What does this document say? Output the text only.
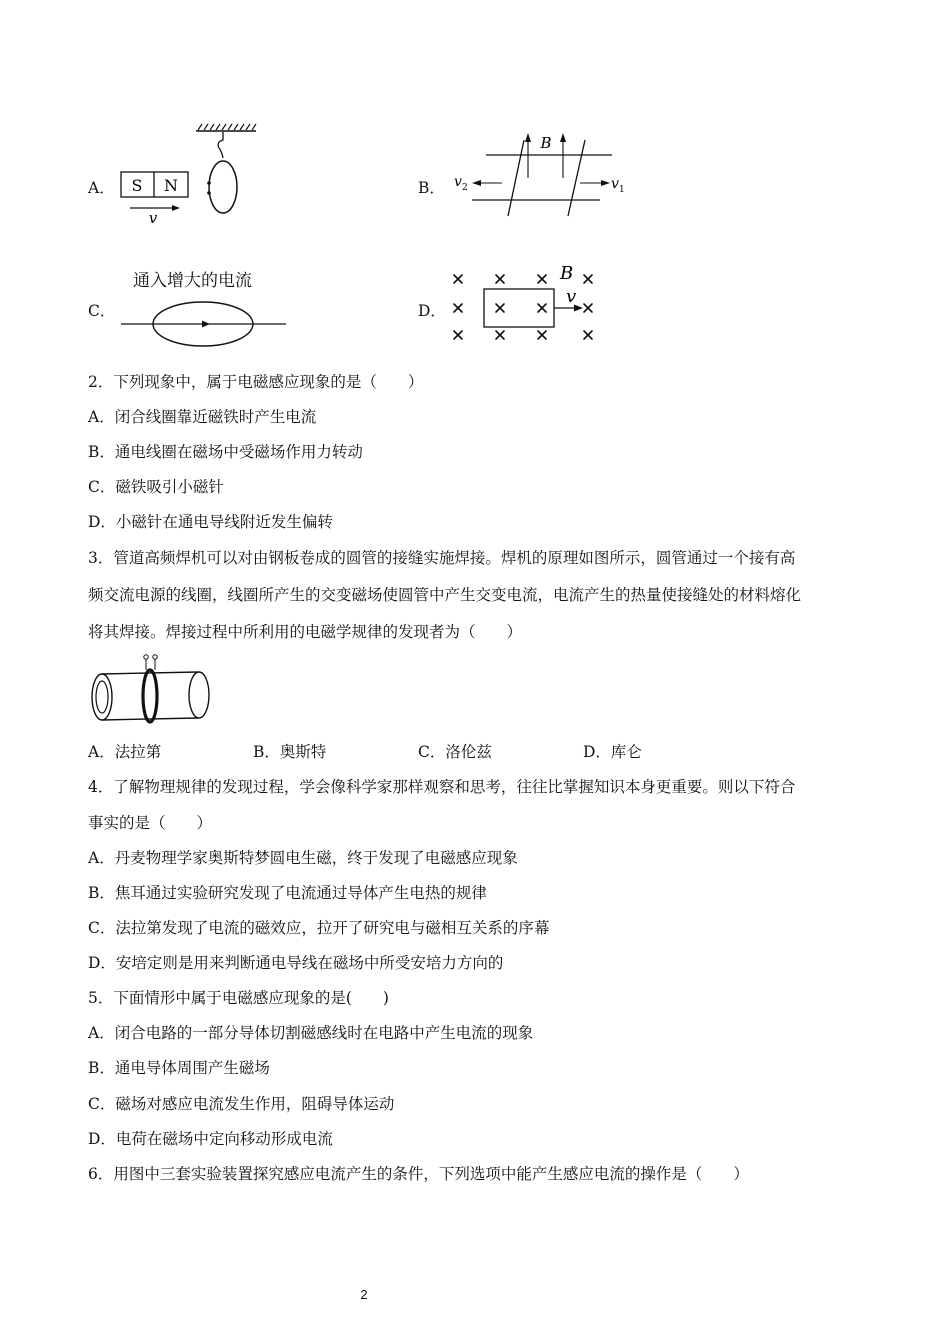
A．	B．
C．	D．
S N
v
B
v 2	v 1
通入增大的电流	B
v
2．下列现象中，属于电磁感应现象的是（　　）
A．闭合线圈靠近磁铁时产生电流
B．通电线圈在磁场中受磁场作用力转动
C．磁铁吸引小磁针
D．小磁针在通电导线附近发生偏转
3．管道高频焊机可以对由钢板卷成的圆管的接缝实施焊接。焊机的原理如图所示，圆管通过一个接有高
频交流电源的线圈，线圈所产生的交变磁场使圆管中产生交变电流，电流产生的热量使接缝处的材料熔化
将其焊接。焊接过程中所利用的电磁学规律的发现者为（　　）
A．法拉第	B．奥斯特	C．洛伦兹	D．库仑
4．了解物理规律的发现过程，学会像科学家那样观察和思考，往往比掌握知识本身更重要。则以下符合
事实的是（　　）
A．丹麦物理学家奥斯特梦圆电生磁，终于发现了电磁感应现象
B．焦耳通过实验研究发现了电流通过导体产生电热的规律
C．法拉第发现了电流的磁效应，拉开了研究电与磁相互关系的序幕
D．安培定则是用来判断通电导线在磁场中所受安培力方向的
5．下面情形中属于电磁感应现象的是(　　)
A．闭合电路的一部分导体切割磁感线时在电路中产生电流的现象
B．通电导体周围产生磁场
C．磁场对感应电流发生作用，阻碍导体运动
D．电荷在磁场中定向移动形成电流
6．用图中三套实验装置探究感应电流产生的条件，下列选项中能产生感应电流的操作是（　　）
2
